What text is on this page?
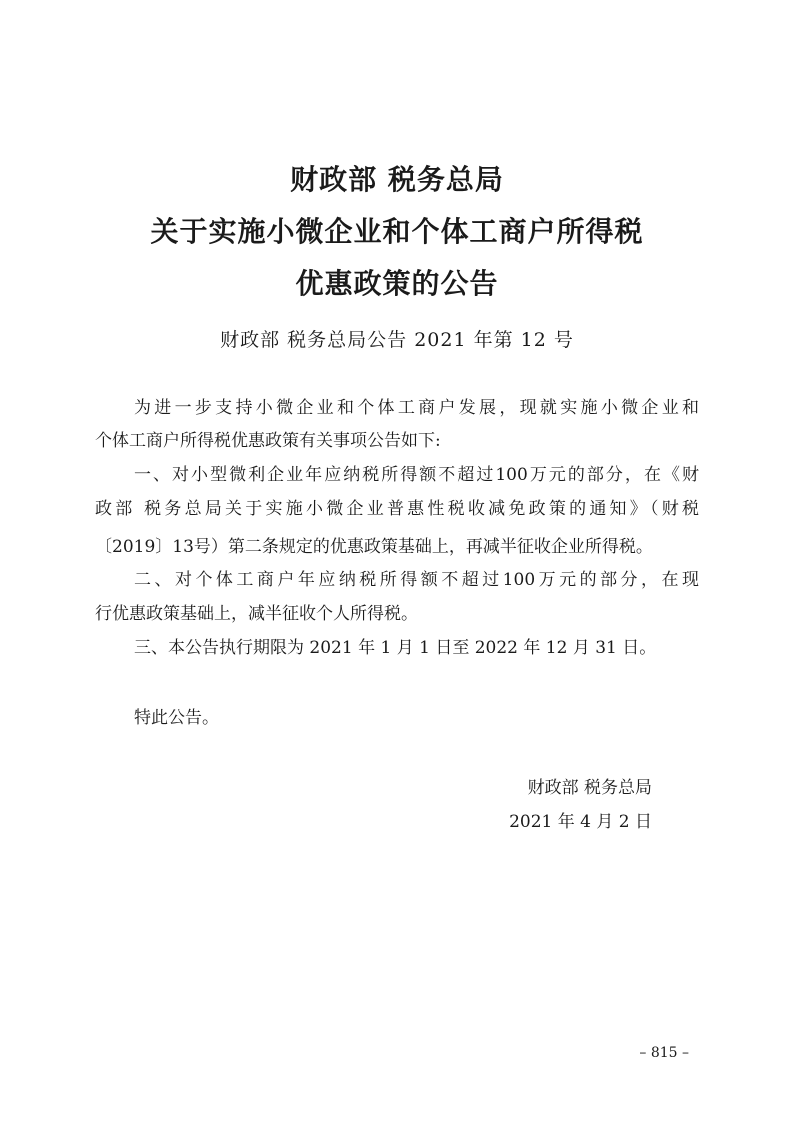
财政部 税务总局
关于实施小微企业和个体工商户所得税
优惠政策的公告
财政部 税务总局公告 2021 年第 12 号
为进一步支持小微企业和个体工商户发展，现就实施小微企业和
个体工商户所得税优惠政策有关事项公告如下:
一、对小型微利企业年应纳税所得额不超过100万元的部分，在《财
政部 税务总局关于实施小微企业普惠性税收减免政策的通知》（财税
〔2019〕13号）第二条规定的优惠政策基础上，再减半征收企业所得税。
二、对个体工商户年应纳税所得额不超过100万元的部分，在现
行优惠政策基础上，减半征收个人所得税。
三、本公告执行期限为 2021 年 1 月 1 日至 2022 年 12 月 31 日。
特此公告。
财政部 税务总局
2021 年 4 月 2 日
– 815 –
